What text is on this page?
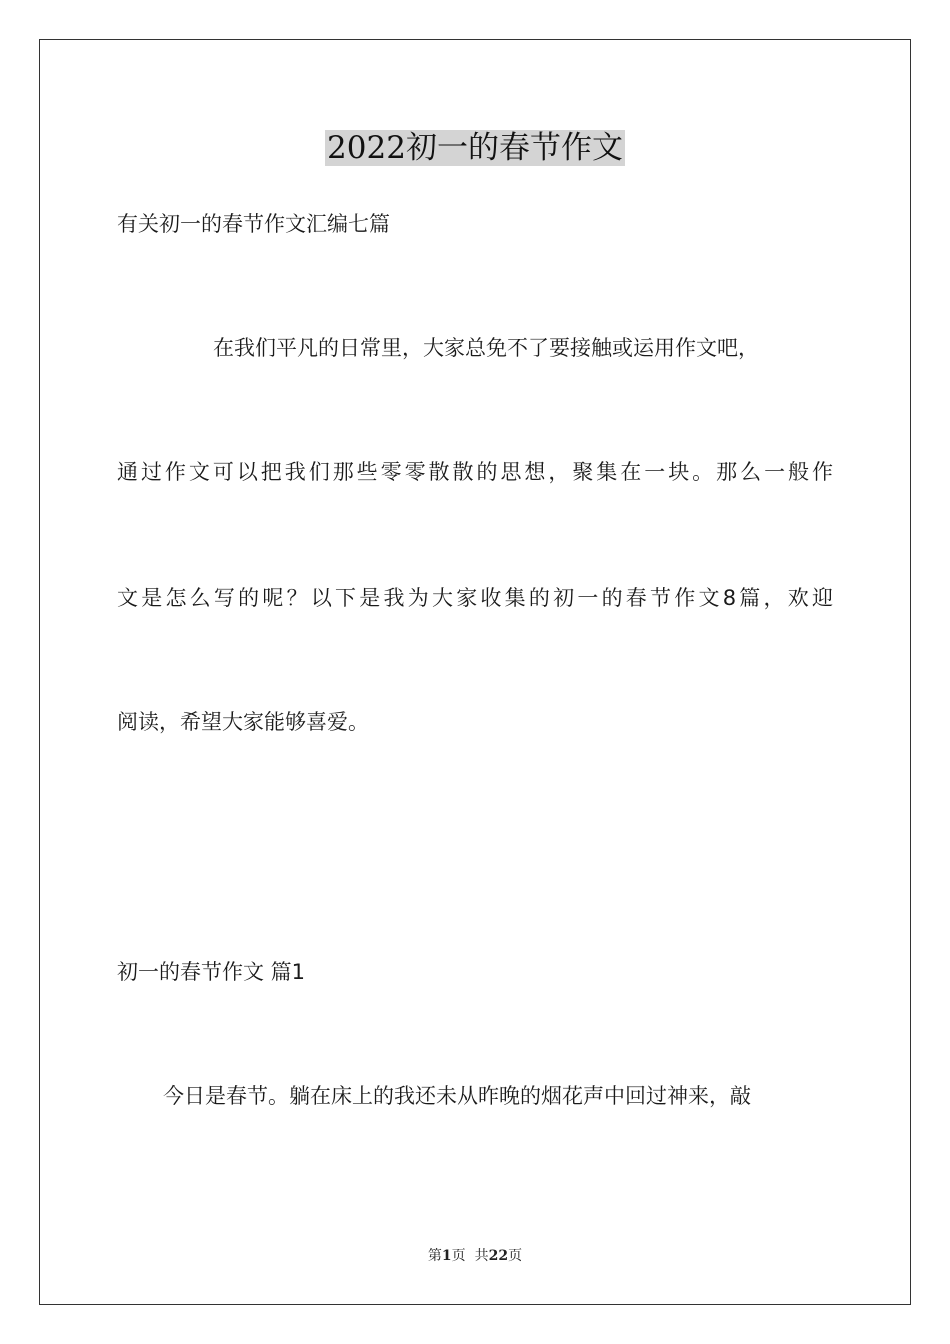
2022初一的春节作文
有关初一的春节作文汇编七篇
在我们平凡的日常里，大家总免不了要接触或运用作文吧，
通过作文可以把我们那些零零散散的思想，聚集在一块。那么一般作
文是怎么写的呢？以下是我为大家收集的初一的春节作文8篇，欢迎
阅读，希望大家能够喜爱。
初一的春节作文 篇1
今日是春节。躺在床上的我还未从昨晚的烟花声中回过神来，敲
第1页  共22页
